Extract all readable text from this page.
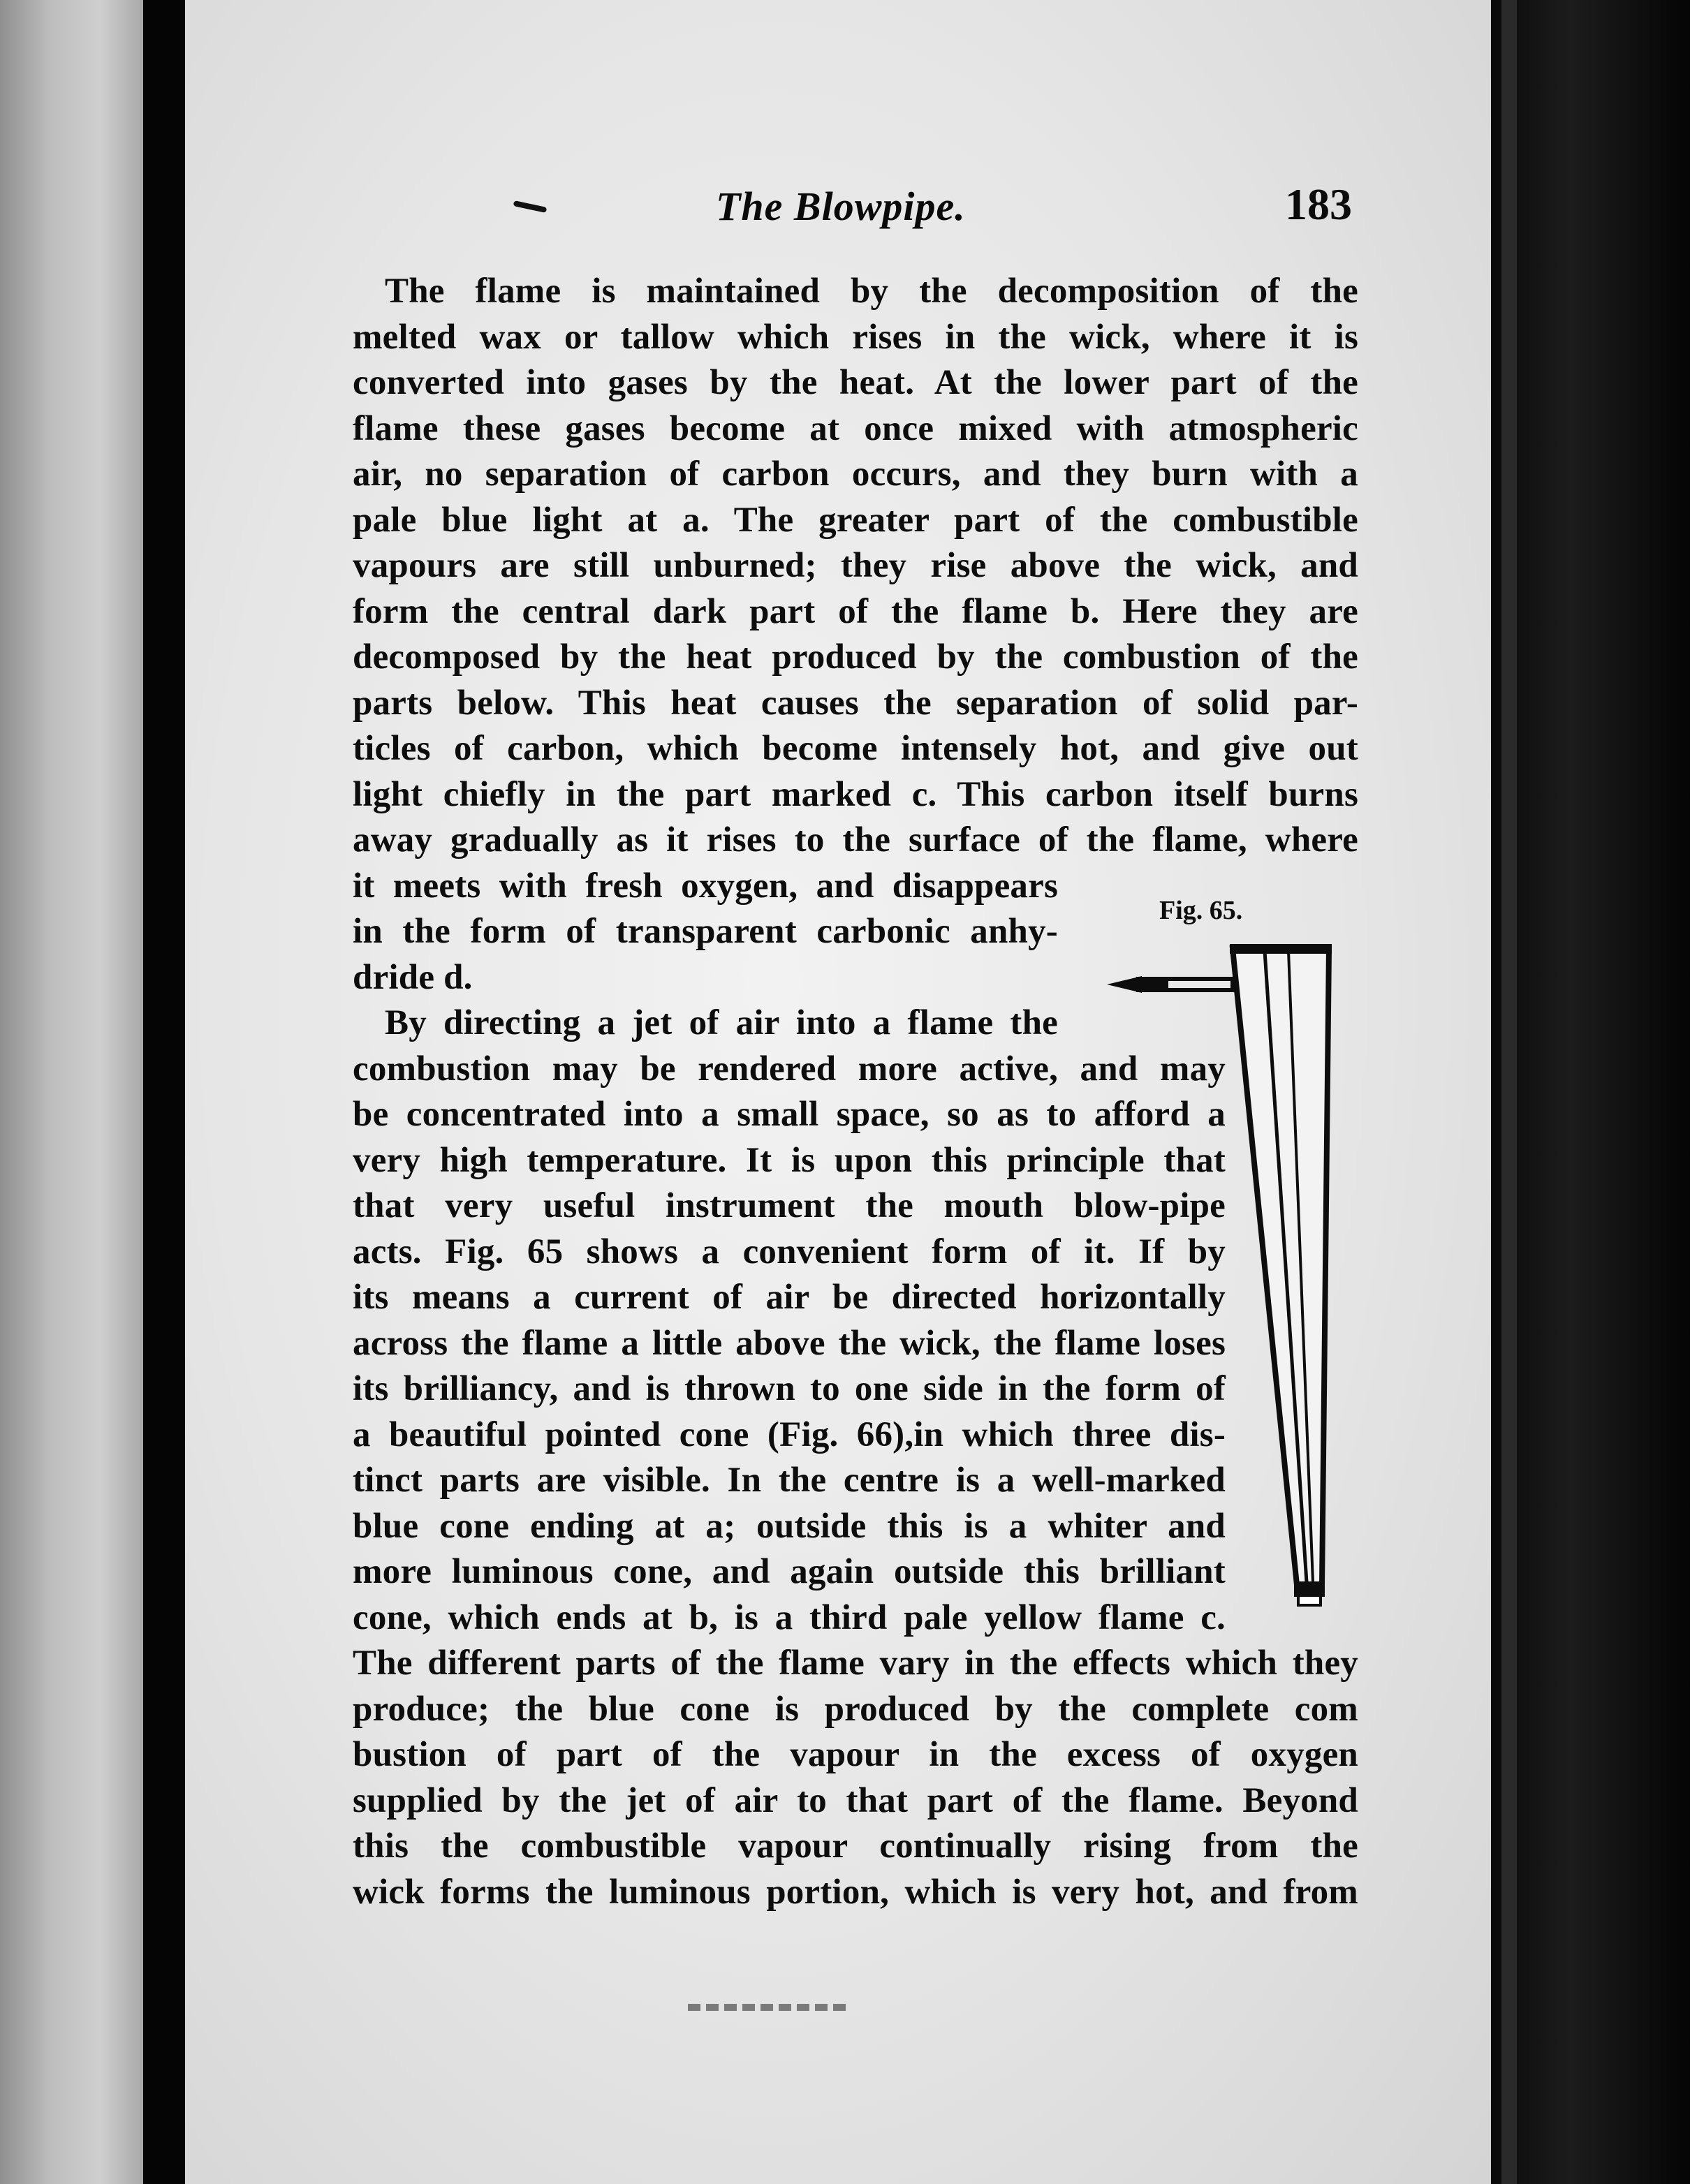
The Blowpipe.	183
The flame is maintained by the decomposition of the
melted wax or tallow which rises in the wick, where it is
converted into gases by the heat. At the lower part of the
flame these gases become at once mixed with atmospheric
air, no separation of carbon occurs, and they burn with a
pale blue light at a. The greater part of the combustible
vapours are still unburned; they rise above the wick, and
form the central dark part of the flame b. Here they are
decomposed by the heat produced by the combustion of the
parts below. This heat causes the separation of solid par-
ticles of carbon, which become intensely hot, and give out
light chiefly in the part marked c. This carbon itself burns
away gradually as it rises to the surface of the flame, where
it meets with fresh oxygen, and disappears
in the form of transparent carbonic anhy-
dride d.
By directing a jet of air into a flame the
combustion may be rendered more active, and may
be concentrated into a small space, so as to afford a
very high temperature. It is upon this principle that
that very useful instrument the mouth blow-pipe
acts. Fig. 65 shows a convenient form of it. If by
its means a current of air be directed horizontally
across the flame a little above the wick, the flame loses
its brilliancy, and is thrown to one side in the form of
a beautiful pointed cone (Fig. 66),in which three dis-
tinct parts are visible. In the centre is a well-marked
blue cone ending at a; outside this is a whiter and
more luminous cone, and again outside this brilliant
cone, which ends at b, is a third pale yellow flame c.
The different parts of the flame vary in the effects which they
produce; the blue cone is produced by the complete com
bustion of part of the vapour in the excess of oxygen
supplied by the jet of air to that part of the flame. Beyond
this the combustible vapour continually rising from the
wick forms the luminous portion, which is very hot, and from
Fig. 65.
